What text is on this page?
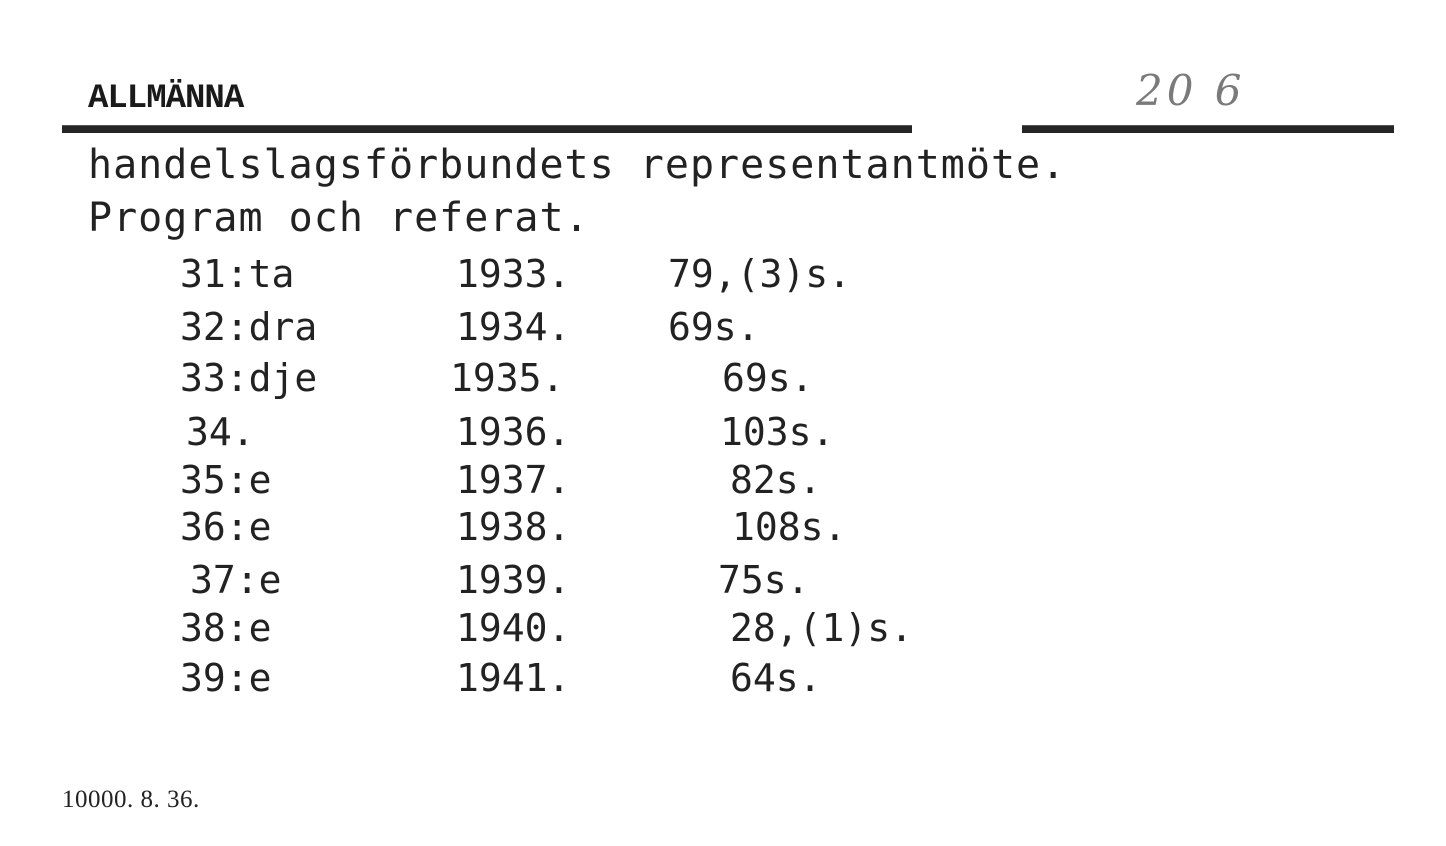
ALLMÄNNA	20 6
handelslagsförbundets representantmöte.
Program och referat.
31:ta	1933.	79,(3)s.
32:dra	1934.	69s.
33:dje	1935.	69s.
34.	1936.	103s.
35:e	1937.	82s.
36:e	1938.	108s.
37:e	1939.	75s.
38:e	1940.	28,(1)s.
39:e	1941.	64s.
10000. 8. 36.
